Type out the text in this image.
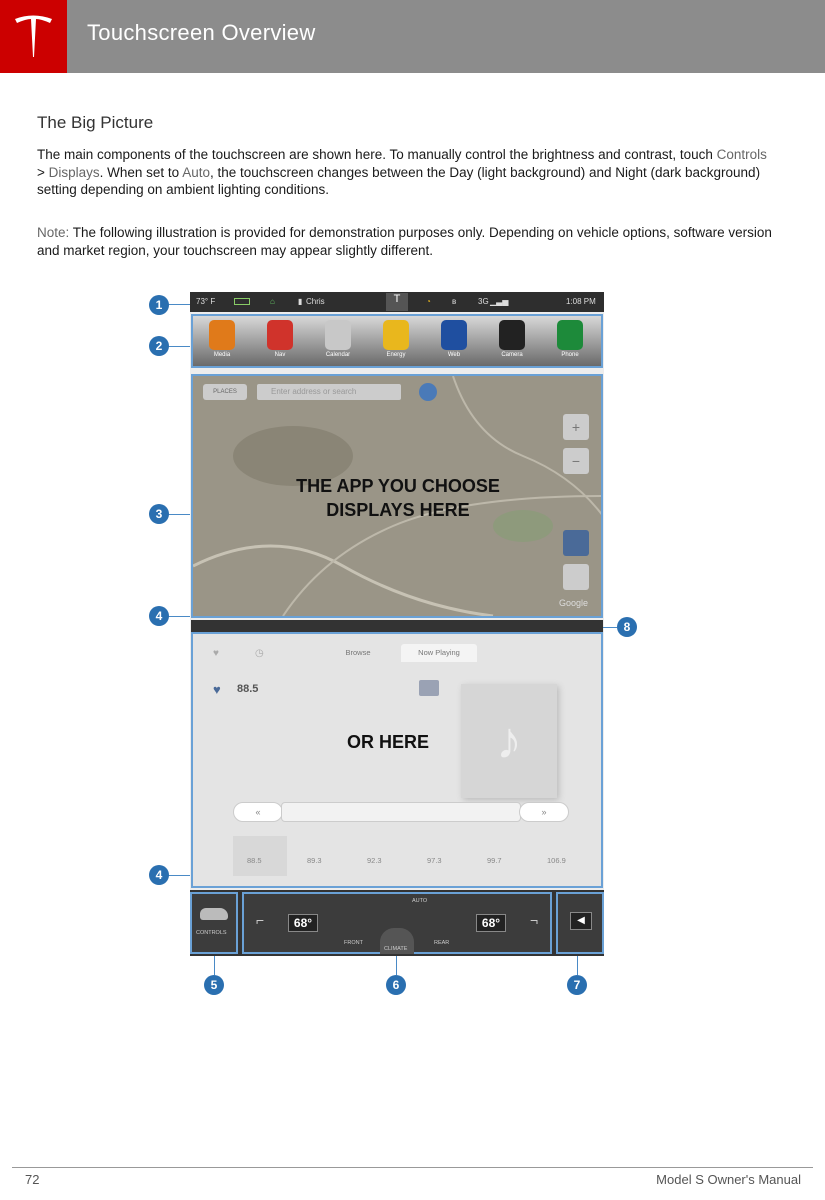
Touchscreen Overview
The Big Picture
The main components of the touchscreen are shown here. To manually control the brightness and contrast, touch Controls > Displays. When set to Auto, the touchscreen changes between the Day (light background) and Night (dark background) setting depending on ambient lighting conditions.
Note: The following illustration is provided for demonstration purposes only. Depending on vehicle options, software version and market region, your touchscreen may appear slightly different.
73° F	⌂	▮ Chris	T	◔	ʙ	3G ▁▃▅	1:08 PM
Media	Nav	Calendar	Energy	Web	Camera	Phone
PLACES	Enter address or search
+
−
THE APP YOU CHOOSE
DISPLAYS HERE
Google
♥	◷	Browse	Now Playing
♥ 88.5
♪
OR HERE
«	»
88.5	89.3	92.3	97.3	99.7	106.9
CONTROLS
⌐	68°
FRONT
CLIMATE
AUTO
REAR
68°	¬	◀
1
2
3
4
4
5	6	7
8
72	Model S Owner's Manual
